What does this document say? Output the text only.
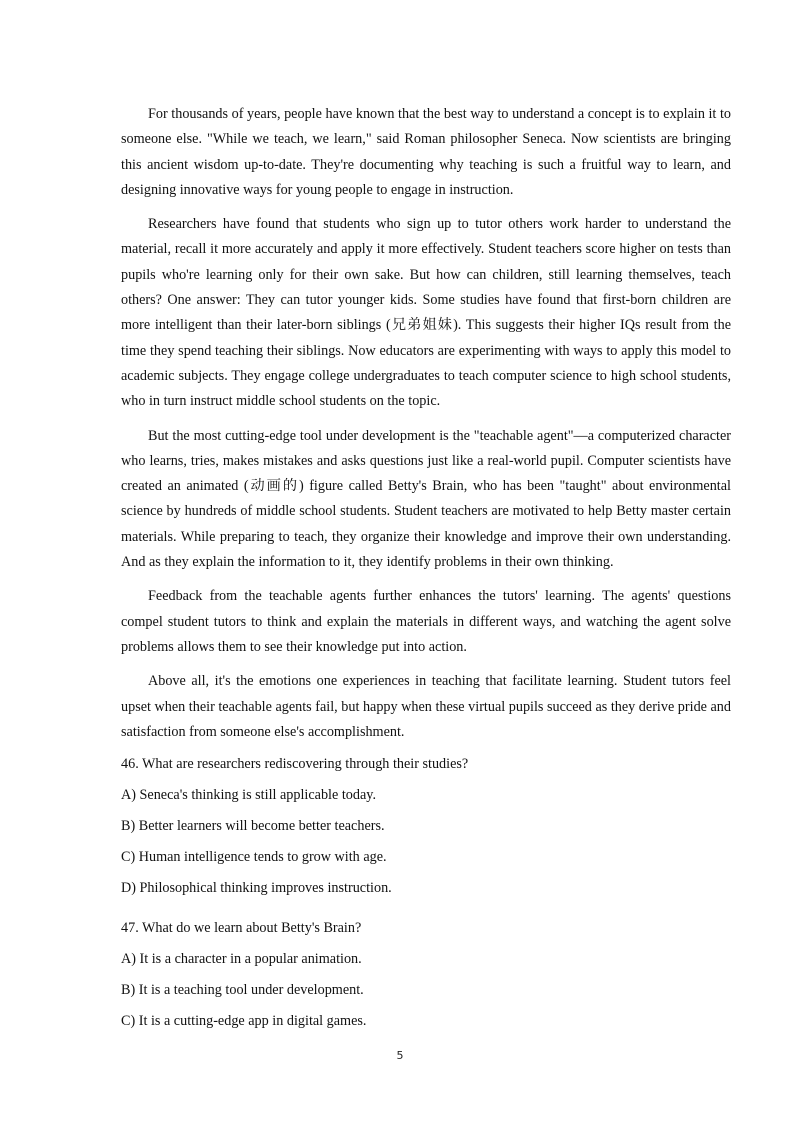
For thousands of years, people have known that the best way to understand a concept is to explain it to someone else. "While we teach, we learn," said Roman philosopher Seneca. Now scientists are bringing this ancient wisdom up-to-date. They're documenting why teaching is such a fruitful way to learn, and designing innovative ways for young people to engage in instruction.

Researchers have found that students who sign up to tutor others work harder to understand the material, recall it more accurately and apply it more effectively. Student teachers score higher on tests than pupils who're learning only for their own sake. But how can children, still learning themselves, teach others? One answer: They can tutor younger kids. Some studies have found that first-born children are more intelligent than their later-born siblings (兄弟姐妹). This suggests their higher IQs result from the time they spend teaching their siblings. Now educators are experimenting with ways to apply this model to academic subjects. They engage college undergraduates to teach computer science to high school students, who in turn instruct middle school students on the topic.

But the most cutting-edge tool under development is the "teachable agent"—a computerized character who learns, tries, makes mistakes and asks questions just like a real-world pupil. Computer scientists have created an animated (动画的) figure called Betty's Brain, who has been "taught" about environmental science by hundreds of middle school students. Student teachers are motivated to help Betty master certain materials. While preparing to teach, they organize their knowledge and improve their own understanding. And as they explain the information to it, they identify problems in their own thinking.

Feedback from the teachable agents further enhances the tutors' learning. The agents' questions compel student tutors to think and explain the materials in different ways, and watching the agent solve problems allows them to see their knowledge put into action.

Above all, it's the emotions one experiences in teaching that facilitate learning. Student tutors feel upset when their teachable agents fail, but happy when these virtual pupils succeed as they derive pride and satisfaction from someone else's accomplishment.

46. What are researchers rediscovering through their studies?

A) Seneca's thinking is still applicable today.

B) Better learners will become better teachers.

C) Human intelligence tends to grow with age.

D) Philosophical thinking improves instruction.

47. What do we learn about Betty's Brain?

A) It is a character in a popular animation.

B) It is a teaching tool under development.

C) It is a cutting-edge app in digital games.

5
